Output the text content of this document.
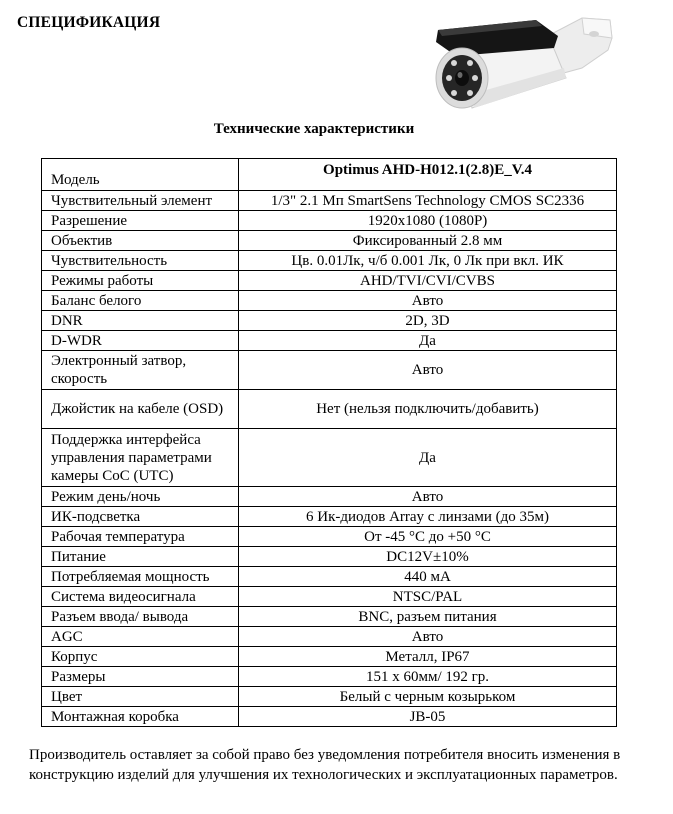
СПЕЦИФИКАЦИЯ
Технические характеристики
Модель	Optimus AHD-H012.1(2.8)E_V.4
Чувствительный элемент	1/3" 2.1 Мп SmartSens Technology CMOS SC2336
Разрешение	1920x1080 (1080P)
Объектив	Фиксированный 2.8 мм
Чувствительность	Цв. 0.01Лк, ч/б 0.001 Лк, 0 Лк при вкл. ИК
Режимы работы	AHD/TVI/CVI/CVBS
Баланс белого	Авто
DNR	2D, 3D
D-WDR	Да
Электронный затвор, скорость	Авто
Джойстик на кабеле (OSD)	Нет (нельзя подключить/добавить)
Поддержка интерфейса управления параметрами камеры CoC (UTC)	Да
Режим день/ночь	Авто
ИК-подсветка	6 Ик-диодов Array с линзами (до 35м)
Рабочая температура	От -45 °C до +50 °C
Питание	DC12V±10%
Потребляемая мощность	440 мА
Система видеосигнала	NTSC/PAL
Разъем ввода/ вывода	BNC, разъем питания
AGC	Авто
Корпус	Металл, IP67
Размеры	151 x 60мм/ 192 гр.
Цвет	Белый с черным козырьком
Монтажная коробка	JB-05
Производитель оставляет за собой право без уведомления потребителя вносить изменения в конструкцию изделий для улучшения их технологических и эксплуатационных параметров.
